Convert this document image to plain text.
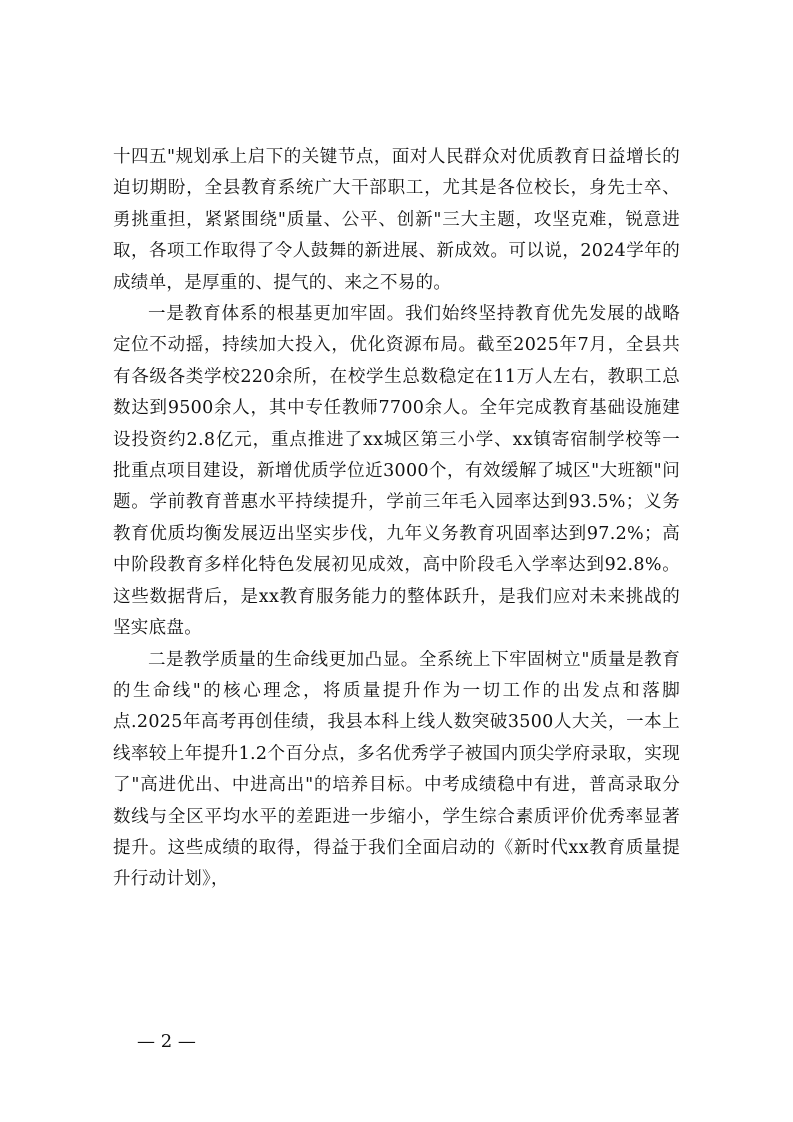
十四五"规划承上启下的关键节点，面对人民群众对优质教育日益增长的迫切期盼，全县教育系统广大干部职工，尤其是各位校长，身先士卒、勇挑重担，紧紧围绕"质量、公平、创新"三大主题，攻坚克难，锐意进取，各项工作取得了令人鼓舞的新进展、新成效。可以说，2024学年的成绩单，是厚重的、提气的、来之不易的。

一是教育体系的根基更加牢固。我们始终坚持教育优先发展的战略定位不动摇，持续加大投入，优化资源布局。截至2025年7月，全县共有各级各类学校220余所，在校学生总数稳定在11万人左右，教职工总数达到9500余人，其中专任教师7700余人。全年完成教育基础设施建设投资约2.8亿元，重点推进了xx城区第三小学、xx镇寄宿制学校等一批重点项目建设，新增优质学位近3000个，有效缓解了城区"大班额"问题。学前教育普惠水平持续提升，学前三年毛入园率达到93.5%；义务教育优质均衡发展迈出坚实步伐，九年义务教育巩固率达到97.2%；高中阶段教育多样化特色发展初见成效，高中阶段毛入学率达到92.8%。这些数据背后，是xx教育服务能力的整体跃升，是我们应对未来挑战的坚实底盘。

二是教学质量的生命线更加凸显。全系统上下牢固树立"质量是教育的生命线"的核心理念，将质量提升作为一切工作的出发点和落脚点.2025年高考再创佳绩，我县本科上线人数突破3500人大关，一本上线率较上年提升1.2个百分点，多名优秀学子被国内顶尖学府录取，实现了"高进优出、中进高出"的培养目标。中考成绩稳中有进，普高录取分数线与全区平均水平的差距进一步缩小，学生综合素质评价优秀率显著提升。这些成绩的取得，得益于我们全面启动的《新时代xx教育质量提升行动计划》，

— 2 —
